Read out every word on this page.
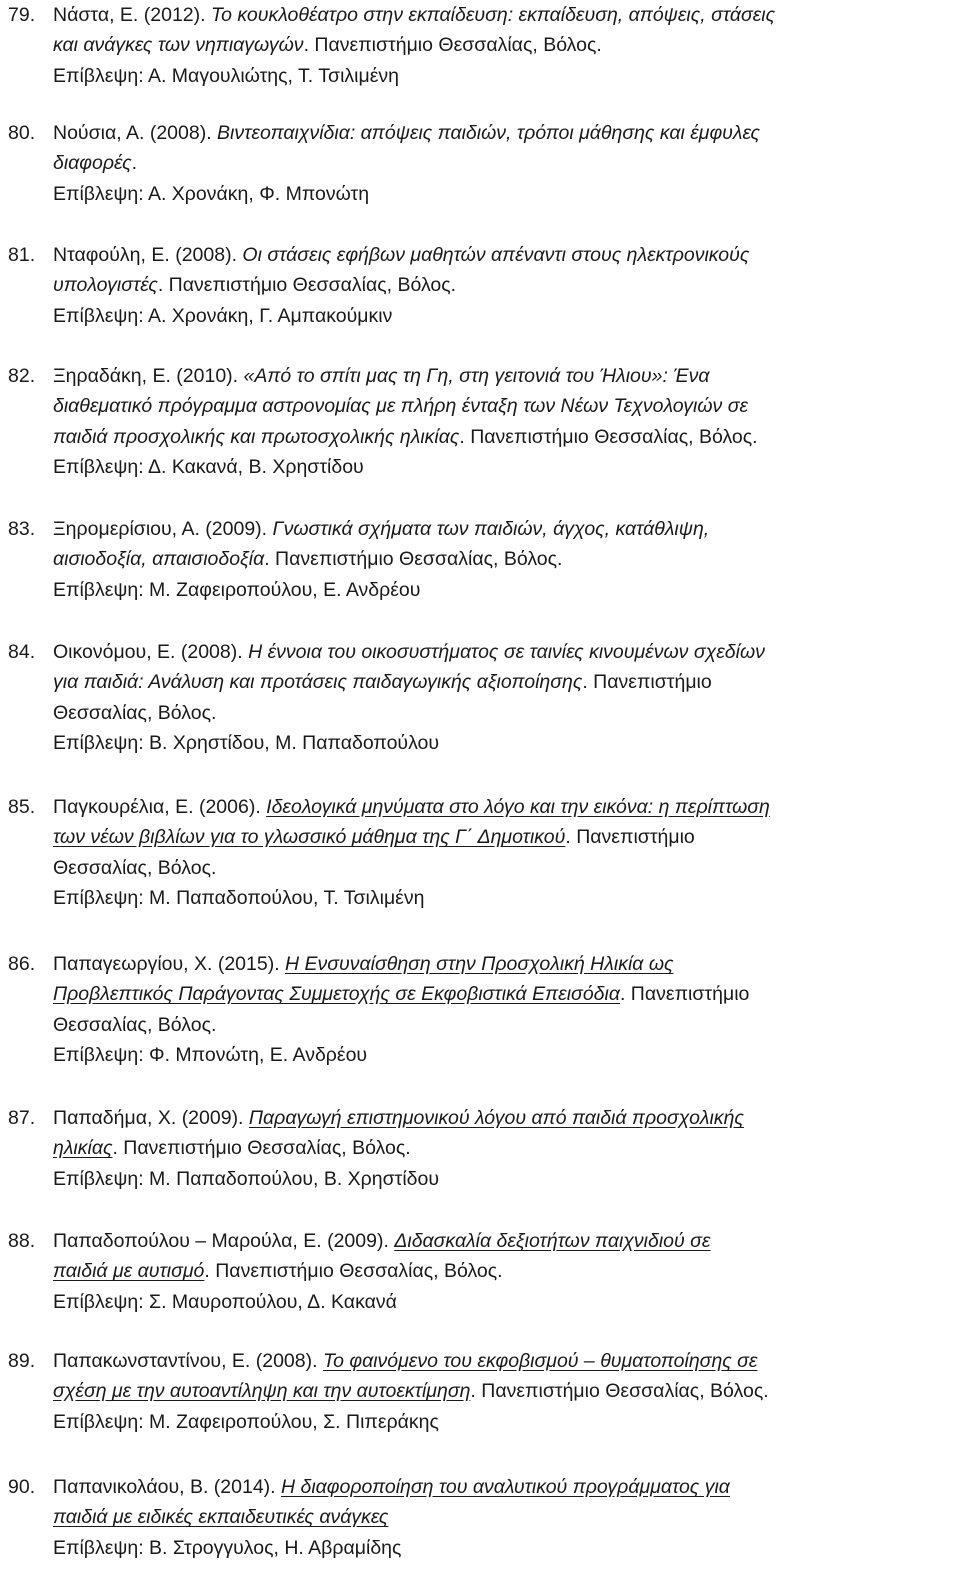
79. Νάστα, Ε. (2012). Το κουκλοθέατρο στην εκπαίδευση: εκπαίδευση, απόψεις, στάσεις
και ανάγκες των νηπιαγωγών. Πανεπιστήμιο Θεσσαλίας, Βόλος.
Επίβλεψη: Α. Μαγουλιώτης, Τ. Τσιλιμένη
80. Νούσια, Α. (2008). Βιντεοπαιχνίδια: απόψεις παιδιών, τρόποι μάθησης και έμφυλες
διαφορές.
Επίβλεψη: Α. Χρονάκη, Φ. Μπονώτη
81. Νταφούλη, Ε. (2008). Οι στάσεις εφήβων μαθητών απέναντι στους ηλεκτρονικούς
υπολογιστές. Πανεπιστήμιο Θεσσαλίας, Βόλος.
Επίβλεψη: Α. Χρονάκη, Γ. Αμπακούμκιν
82. Ξηραδάκη, Ε. (2010). «Από το σπίτι μας τη Γη, στη γειτονιά του Ήλιου»: Ένα
διαθεματικό πρόγραμμα αστρονομίας με πλήρη ένταξη των Νέων Τεχνολογιών σε
παιδιά προσχολικής και πρωτοσχολικής ηλικίας. Πανεπιστήμιο Θεσσαλίας, Βόλος.
Επίβλεψη: Δ. Κακανά, Β. Χρηστίδου
83. Ξηρομερίσιου, Α. (2009). Γνωστικά σχήματα των παιδιών, άγχος, κατάθλιψη,
αισιοδοξία, απαισιοδοξία. Πανεπιστήμιο Θεσσαλίας, Βόλος.
Επίβλεψη: Μ. Ζαφειροπούλου, Ε. Ανδρέου
84. Οικονόμου, Ε. (2008). Η έννοια του οικοσυστήματος σε ταινίες κινουμένων σχεδίων
για παιδιά: Ανάλυση και προτάσεις παιδαγωγικής αξιοποίησης. Πανεπιστήμιο
Θεσσαλίας, Βόλος.
Επίβλεψη: Β. Χρηστίδου, Μ. Παπαδοπούλου
85. Παγκουρέλια, Ε. (2006). Ιδεολογικά μηνύματα στο λόγο και την εικόνα: η περίπτωση
των νέων βιβλίων για το γλωσσικό μάθημα της Γ΄ Δημοτικού. Πανεπιστήμιο
Θεσσαλίας, Βόλος.
Επίβλεψη: Μ. Παπαδοπούλου, Τ. Τσιλιμένη
86. Παπαγεωργίου, Χ. (2015). Η Ενσυναίσθηση στην Προσχολική Ηλικία ως
Προβλεπτικός Παράγοντας Συμμετοχής σε Εκφοβιστικά Επεισόδια. Πανεπιστήμιο
Θεσσαλίας, Βόλος.
Επίβλεψη: Φ. Μπονώτη, Ε. Ανδρέου
87. Παπαδήμα, Χ. (2009). Παραγωγή επιστημονικού λόγου από παιδιά προσχολικής
ηλικίας. Πανεπιστήμιο Θεσσαλίας, Βόλος.
Επίβλεψη: Μ. Παπαδοπούλου, Β. Χρηστίδου
88. Παπαδοπούλου – Μαρούλα, Ε. (2009). Διδασκαλία δεξιοτήτων παιχνιδιού σε
παιδιά με αυτισμό. Πανεπιστήμιο Θεσσαλίας, Βόλος.
Επίβλεψη: Σ. Μαυροπούλου, Δ. Κακανά
89. Παπακωνσταντίνου, Ε. (2008). Το φαινόμενο του εκφοβισμού – θυματοποίησης σε
σχέση με την αυτοαντίληψη και την αυτοεκτίμηση. Πανεπιστήμιο Θεσσαλίας, Βόλος.
Επίβλεψη: Μ. Ζαφειροπούλου, Σ. Πιπεράκης
90. Παπανικολάου, Β. (2014). Η διαφοροποίηση του αναλυτικού προγράμματος για
παιδιά με ειδικές εκπαιδευτικές ανάγκες
Επίβλεψη: Β. Στρογγυλος, Η. Αβραμίδης
